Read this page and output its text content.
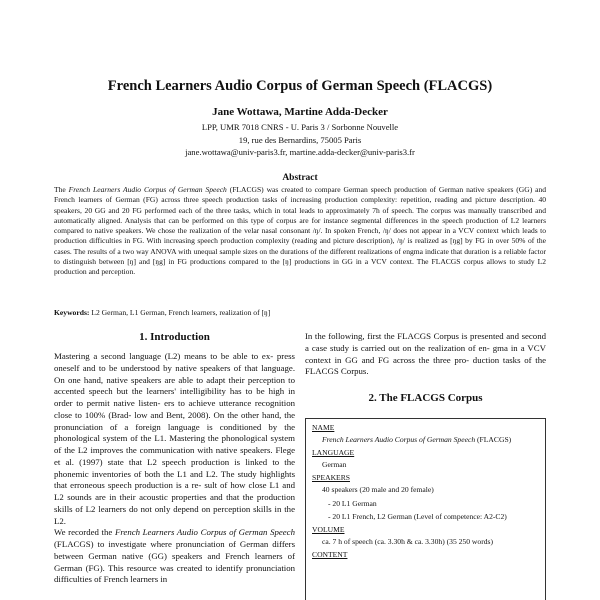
French Learners Audio Corpus of German Speech (FLACGS)
Jane Wottawa, Martine Adda-Decker
LPP, UMR 7018 CNRS - U. Paris 3 / Sorbonne Nouvelle
19, rue des Bernardins, 75005 Paris
jane.wottawa@univ-paris3.fr, martine.adda-decker@univ-paris3.fr
Abstract
The French Learners Audio Corpus of German Speech (FLACGS) was created to compare German speech production of German native speakers (GG) and French learners of German (FG) across three speech production tasks of increasing production complexity: repetition, reading and picture description. 40 speakers, 20 GG and 20 FG performed each of the three tasks, which in total leads to approximately 7h of speech. The corpus was manually transcribed and automatically aligned. Analysis that can be performed on this type of corpus are for instance segmental differences in the speech production of L2 learners compared to native speakers. We chose the realization of the velar nasal consonant /ŋ/. In spoken French, /ŋ/ does not appear in a VCV context which leads to production difficulties in FG. With increasing speech production complexity (reading and picture description), /ŋ/ is realized as [ŋg] by FG in over 50% of the cases. The results of a two way ANOVA with unequal sample sizes on the durations of the different realizations of engma indicate that duration is a reliable factor to distinguish between [ŋ] and [ŋg] in FG productions compared to the [ŋ] productions in GG in a VCV context. The FLACGS corpus allows to study L2 production and perception.
Keywords: L2 German, L1 German, French learners, realization of [ŋ]
1. Introduction
Mastering a second language (L2) means to be able to ex- press oneself and to be understood by native speakers of that language. On one hand, native speakers are able to adapt their perception to accented speech but the learners' intelligibility has to be high in order to permit native listen- ers to achieve utterance recognition close to 100% (Brad- low and Bent, 2008). On the other hand, the pronunciation of a foreign language is conditioned by the phonological system of the L1. Mastering the phonological system of the L2 improves the communication with native speakers. Flege et al. (1997) state that L2 speech production is linked to the phonemic inventories of both the L1 and L2. The study highlights that erroneous speech production is a re- sult of how close L1 and L2 sounds are in their acoustic properties and that the production skills of L2 learners do not only depend on perception skills in the L2.
We recorded the French Learners Audio Corpus of German Speech (FLACGS) to investigate where pronunciation of German differs between German native (GG) speakers and French learners of German (FG). This resource was created to identify pronunciation difficulties of French learners in
In the following, first the FLACGS Corpus is presented and second a case study is carried out on the realization of en- gma in a VCV context in GG and FG across the three pro- duction tasks of the FLACGS Corpus.
2. The FLACGS Corpus
NAME
French Learners Audio Corpus of German Speech (FLACGS)
LANGUAGE
German
SPEAKERS
40 speakers (20 male and 20 female)
- 20 L1 German
- 20 L1 French, L2 German (Level of competence: A2-C2)
VOLUME
ca. 7 h of speech (ca. 3.30h & ca. 3.30h) (35 250 words)
CONTENT
